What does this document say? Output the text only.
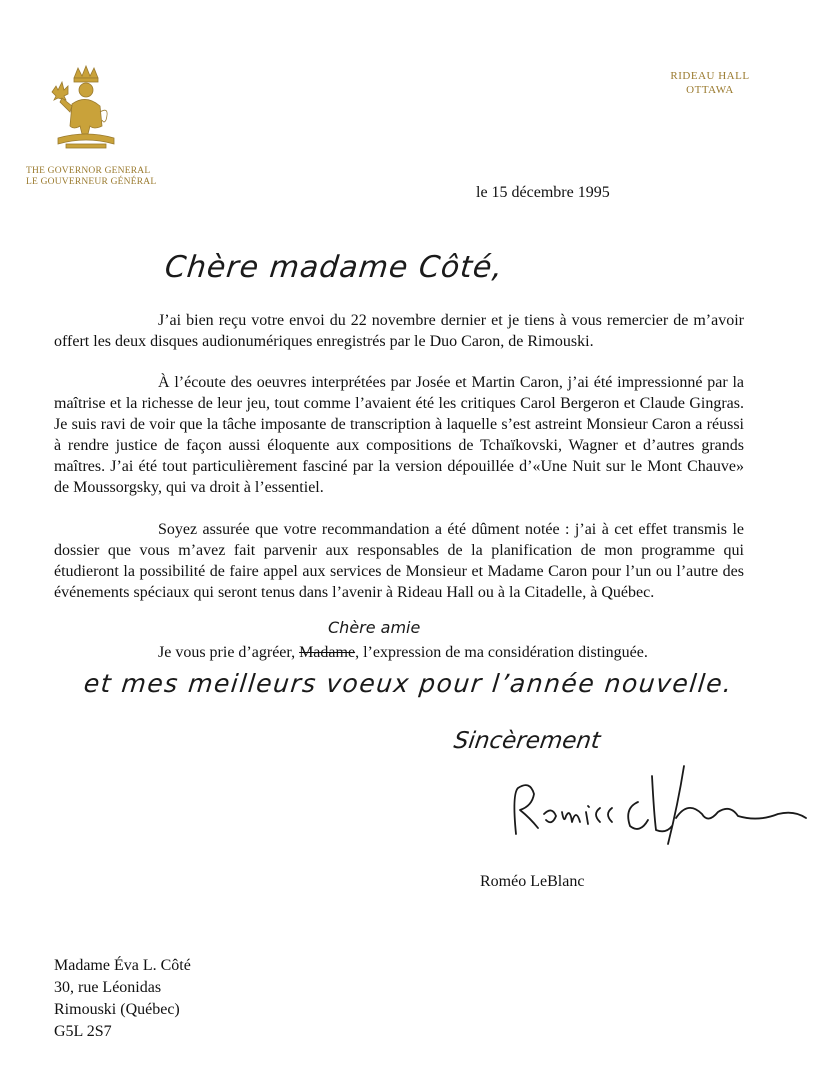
THE GOVERNOR GENERAL
LE GOUVERNEUR GÉNÉRAL
RIDEAU HALL
OTTAWA
le 15 décembre 1995
Chère madame Côté,
J’ai bien reçu votre envoi du 22 novembre dernier et je tiens à vous remercier de m’avoir offert les deux disques audionumériques enregistrés par le Duo Caron, de Rimouski.
À l’écoute des oeuvres interprétées par Josée et Martin Caron, j’ai été impressionné par la maîtrise et la richesse de leur jeu, tout comme l’avaient été les critiques Carol Bergeron et Claude Gingras. Je suis ravi de voir que la tâche imposante de transcription à laquelle s’est astreint Monsieur Caron a réussi à rendre justice de façon aussi éloquente aux compositions de Tchaïkovski, Wagner et d’autres grands maîtres. J’ai été tout particulièrement fasciné par la version dépouillée d’«Une Nuit sur le Mont Chauve» de Moussorgsky, qui va droit à l’essentiel.
Soyez assurée que votre recommandation a été dûment notée : j’ai à cet effet transmis le dossier que vous m’avez fait parvenir aux responsables de la planification de mon programme qui étudieront la possibilité de faire appel aux services de Monsieur et Madame Caron pour l’un ou l’autre des événements spéciaux qui seront tenus dans l’avenir à Rideau Hall ou à la Citadelle, à Québec.
Chère amie
Je vous prie d’agréer, Madame, l’expression de ma considération distinguée.
et mes meilleurs voeux pour l’année nouvelle.
Sincèrement
Roméo LeBlanc
Madame Éva L. Côté
30, rue Léonidas
Rimouski (Québec)
G5L 2S7
